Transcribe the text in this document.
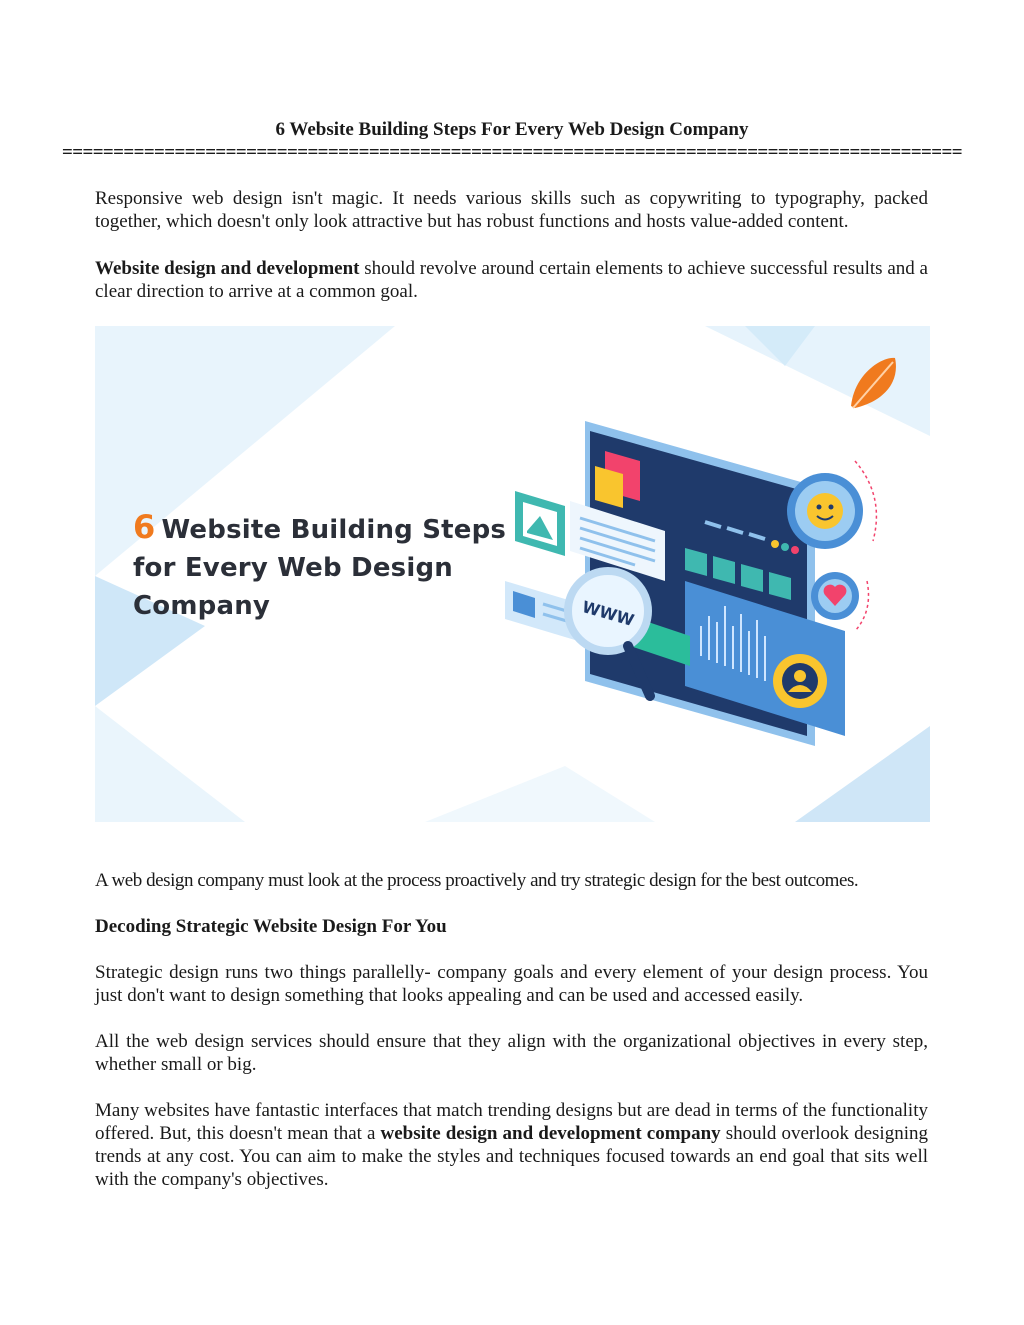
6 Website Building Steps For Every Web Design Company
========================================================================================

Responsive web design isn't magic. It needs various skills such as copywriting to typography, packed together, which doesn't only look attractive but has robust functions and hosts value-added content.

Website design and development should revolve around certain elements to achieve successful results and a clear direction to arrive at a common goal.

WWW
6 Website Building Steps
for Every Web Design
Company

A web design company must look at the process proactively and try strategic design for the best outcomes.

Decoding Strategic Website Design For You

Strategic design runs two things parallelly- company goals and every element of your design process. You just don't want to design something that looks appealing and can be used and accessed easily.

All the web design services should ensure that they align with the organizational objectives in every step, whether small or big.

Many websites have fantastic interfaces that match trending designs but are dead in terms of the functionality offered. But, this doesn't mean that a website design and development company should overlook designing trends at any cost. You can aim to make the styles and techniques focused towards an end goal that sits well with the company's objectives.
